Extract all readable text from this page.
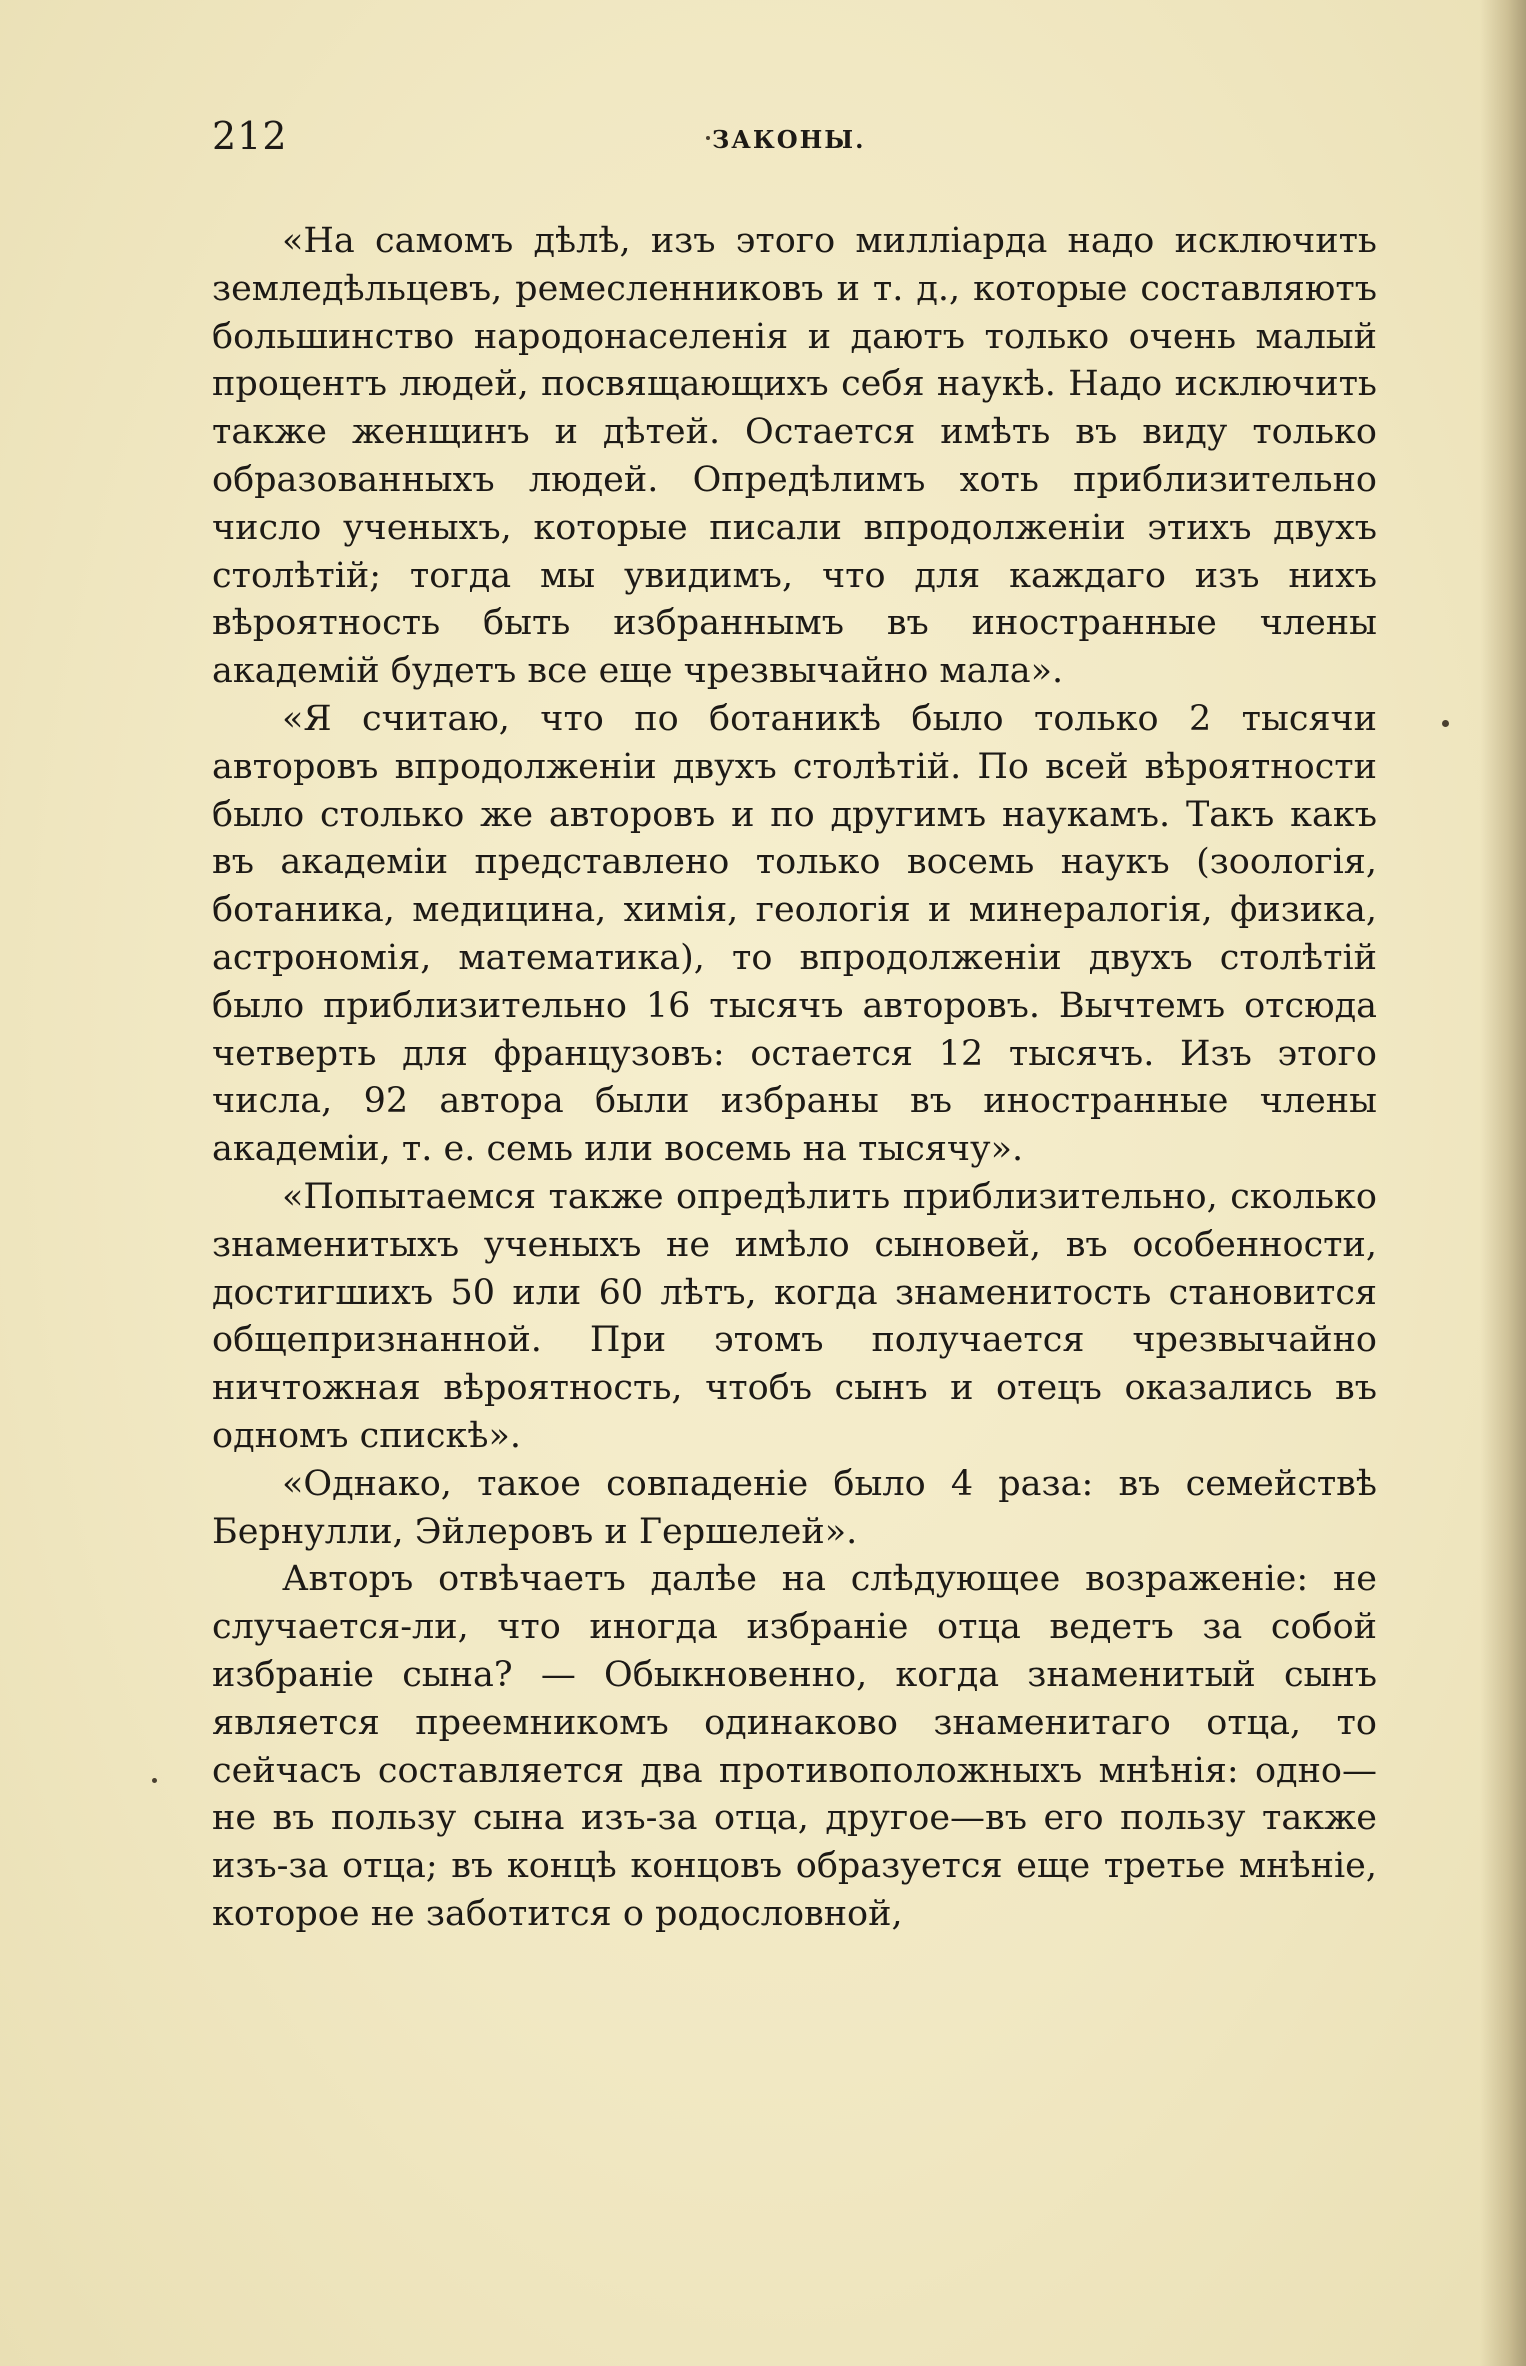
212	ЗАКОНЫ.

«На самомъ дѣлѣ, изъ этого милліарда надо исключить земледѣльцевъ, ремесленниковъ и т. д., которые составляютъ большинство народонаселенія и даютъ только очень малый процентъ людей, посвящающихъ себя наукѣ. Надо исключить также женщинъ и дѣтей. Остается имѣть въ виду только образованныхъ людей. Опредѣлимъ хоть приблизительно число ученыхъ, которые писали впродолженіи этихъ двухъ столѣтій; тогда мы увидимъ, что для каждаго изъ нихъ вѣроятность быть избраннымъ въ иностранные члены академій будетъ все еще чрезвычайно мала».

«Я считаю, что по ботаникѣ было только 2 тысячи авторовъ впродолженіи двухъ столѣтій. По всей вѣроятности было столько же авторовъ и по другимъ наукамъ. Такъ какъ въ академіи представлено только восемь наукъ (зоологія, ботаника, медицина, химія, геологія и минералогія, физика, астрономія, математика), то впродолженіи двухъ столѣтій было приблизительно 16 тысячъ авторовъ. Вычтемъ отсюда четверть для французовъ: остается 12 тысячъ. Изъ этого числа, 92 автора были избраны въ иностранные члены академіи, т. е. семь или восемь на тысячу».

«Попытаемся также опредѣлить приблизительно, сколько знаменитыхъ ученыхъ не имѣло сыновей, въ особенности, достигшихъ 50 или 60 лѣтъ, когда знаменитость становится общепризнанной. При этомъ получается чрезвычайно ничтожная вѣроятность, чтобъ сынъ и отецъ оказались въ одномъ спискѣ».

«Однако, такое совпаденіе было 4 раза: въ семействѣ Бернулли, Эйлеровъ и Гершелей».

Авторъ отвѣчаетъ далѣе на слѣдующее возраженіе: не случается-ли, что иногда избраніе отца ведетъ за собой избраніе сына? — Обыкновенно, когда знаменитый сынъ является преемникомъ одинаково знаменитаго отца, то сейчасъ составляется два противоположныхъ мнѣнія: одно—не въ пользу сына изъ-за отца, другое—въ его пользу также изъ-за отца; въ концѣ концовъ образуется еще третье мнѣніе, которое не заботится о родословной,
